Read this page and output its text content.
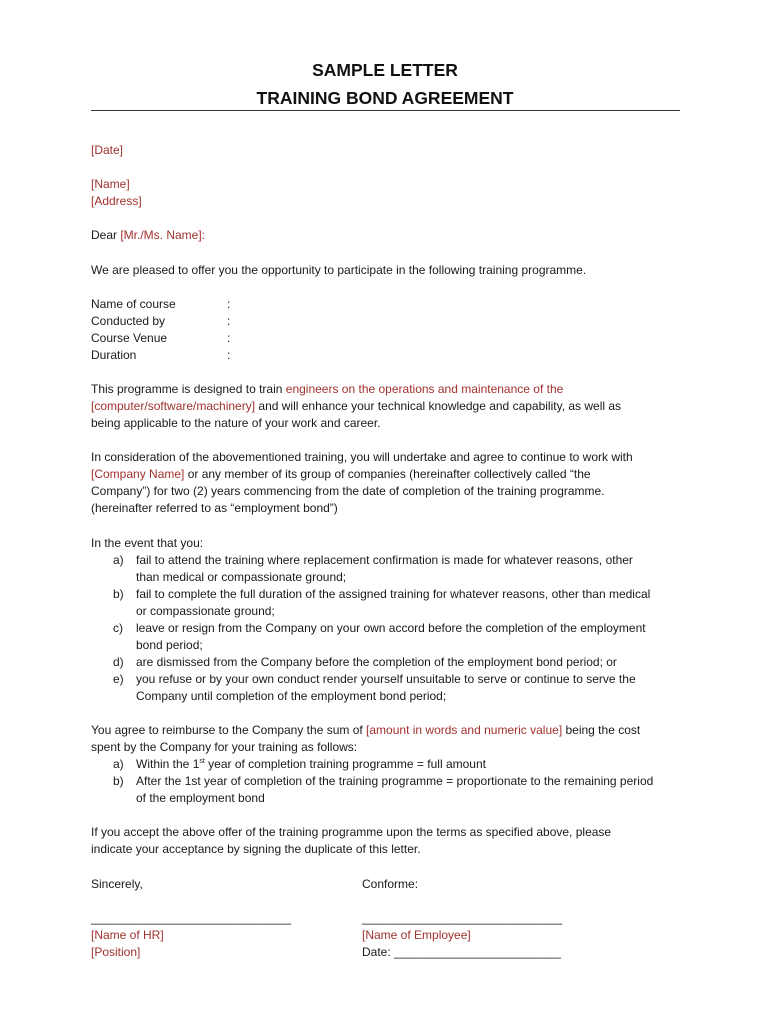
SAMPLE LETTER
TRAINING BOND AGREEMENT
[Date]
[Name]
[Address]
Dear [Mr./Ms. Name]:
We are pleased to offer you the opportunity to participate in the following training programme.
Name of course	:
Conducted by	:
Course Venue	:
Duration	:
This programme is designed to train engineers on the operations and maintenance of the
[computer/software/machinery] and will enhance your technical knowledge and capability, as well as
being applicable to the nature of your work and career.
In consideration of the abovementioned training, you will undertake and agree to continue to work with
[Company Name] or any member of its group of companies (hereinafter collectively called “the
Company”) for two (2) years commencing from the date of completion of the training programme.
(hereinafter referred to as “employment bond”)
In the event that you:
a) fail to attend the training where replacement confirmation is made for whatever reasons, other
than medical or compassionate ground;
b) fail to complete the full duration of the assigned training for whatever reasons, other than medical
or compassionate ground;
c) leave or resign from the Company on your own accord before the completion of the employment
bond period;
d) are dismissed from the Company before the completion of the employment bond period; or
e) you refuse or by your own conduct render yourself unsuitable to serve or continue to serve the
Company until completion of the employment bond period;
You agree to reimburse to the Company the sum of [amount in words and numeric value] being the cost
spent by the Company for your training as follows:
a) Within the 1st year of completion training programme = full amount
b) After the 1st year of completion of the training programme = proportionate to the remaining period
of the employment bond
If you accept the above offer of the training programme upon the terms as specified above, please
indicate your acceptance by signing the duplicate of this letter.
Sincerely,	Conforme:
______________________________	______________________________
[Name of HR]	[Name of Employee]
[Position]	Date: _________________________
